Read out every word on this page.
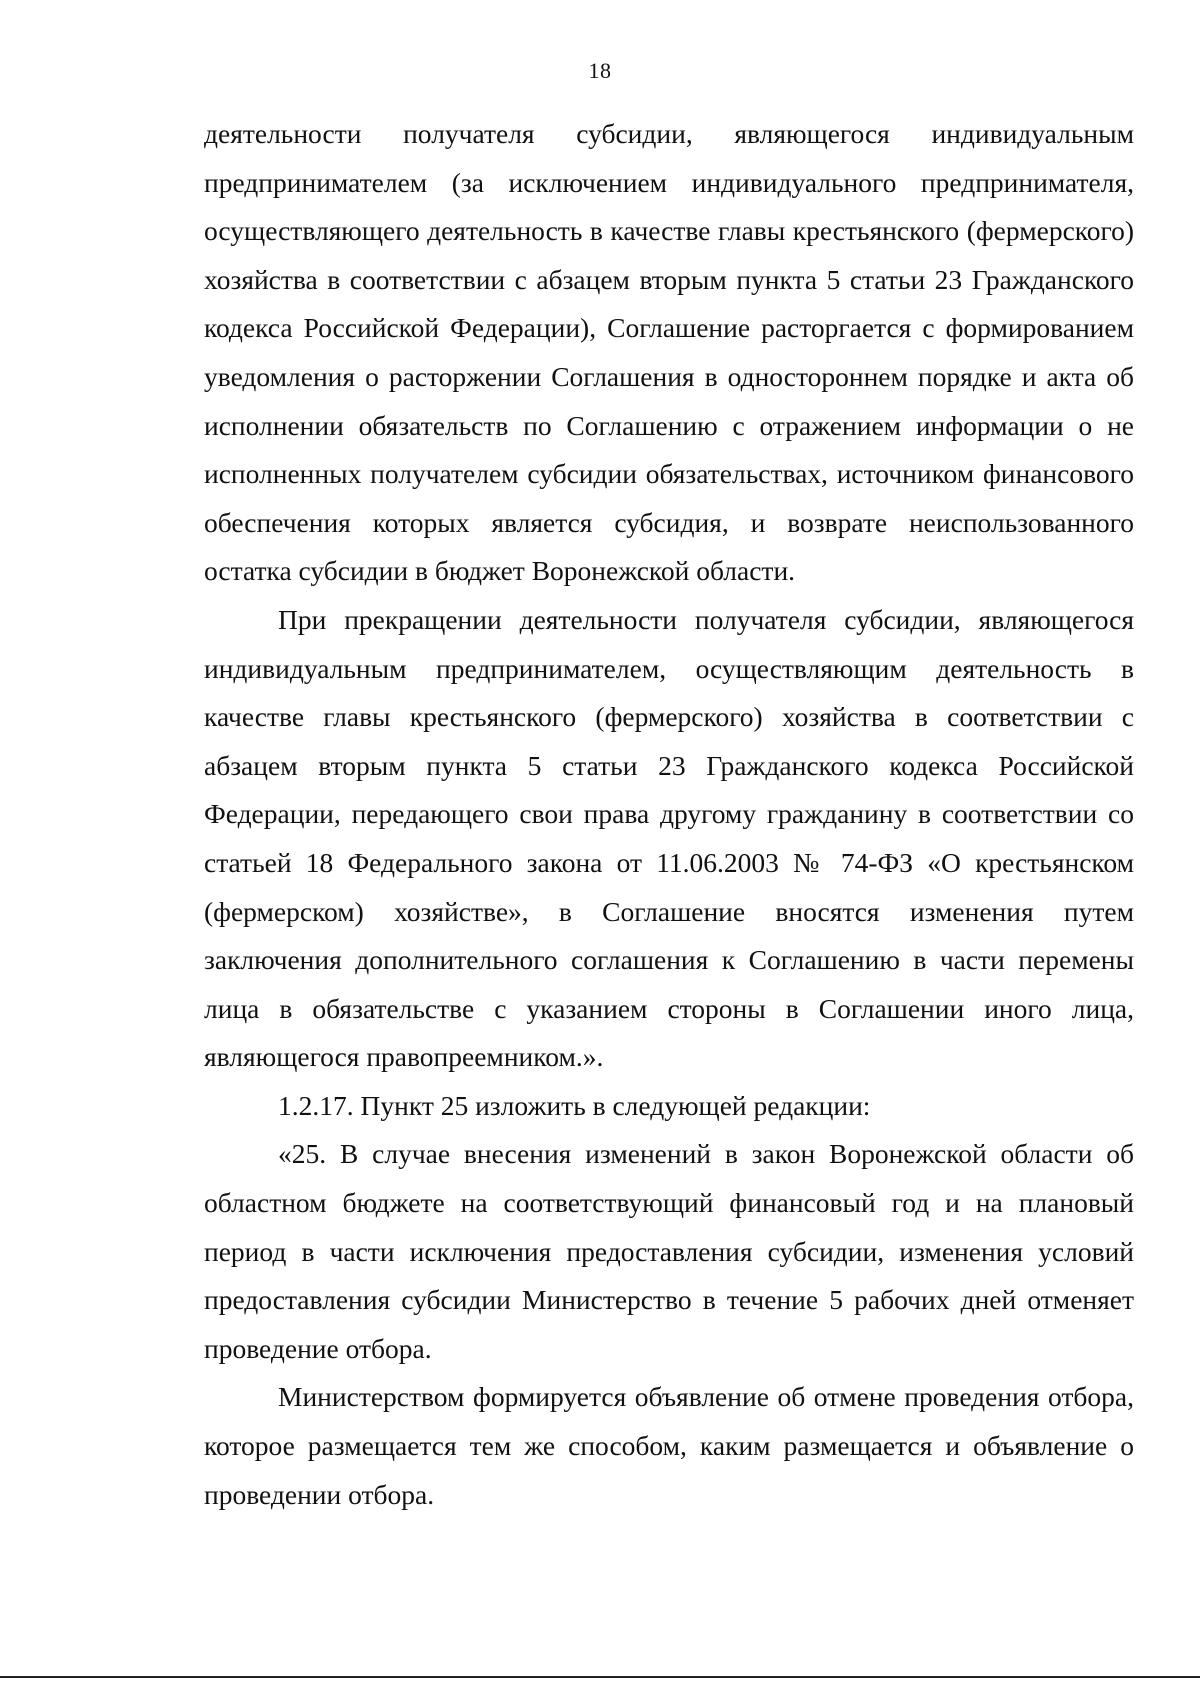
18

деятельности получателя субсидии, являющегося индивидуальным предпринимателем (за исключением индивидуального предпринимателя, осуществляющего деятельность в качестве главы крестьянского (фермерского) хозяйства в соответствии с абзацем вторым пункта 5 статьи 23 Гражданского кодекса Российской Федерации), Соглашение расторгается с формированием уведомления о расторжении Соглашения в одностороннем порядке и акта об исполнении обязательств по Соглашению с отражением информации о не исполненных получателем субсидии обязательствах, источником финансового обеспечения которых является субсидия, и возврате неиспользованного остатка субсидии в бюджет Воронежской области.

При прекращении деятельности получателя субсидии, являющегося индивидуальным предпринимателем, осуществляющим деятельность в качестве главы крестьянского (фермерского) хозяйства в соответствии с абзацем вторым пункта 5 статьи 23 Гражданского кодекса Российской Федерации, передающего свои права другому гражданину в соответствии со статьей 18 Федерального закона от 11.06.2003 № 74-ФЗ «О крестьянском (фермерском) хозяйстве», в Соглашение вносятся изменения путем заключения дополнительного соглашения к Соглашению в части перемены лица в обязательстве с указанием стороны в Соглашении иного лица, являющегося правопреемником.».

1.2.17. Пункт 25 изложить в следующей редакции:

«25. В случае внесения изменений в закон Воронежской области об областном бюджете на соответствующий финансовый год и на плановый период в части исключения предоставления субсидии, изменения условий предоставления субсидии Министерство в течение 5 рабочих дней отменяет проведение отбора.

Министерством формируется объявление об отмене проведения отбора, которое размещается тем же способом, каким размещается и объявление о проведении отбора.
